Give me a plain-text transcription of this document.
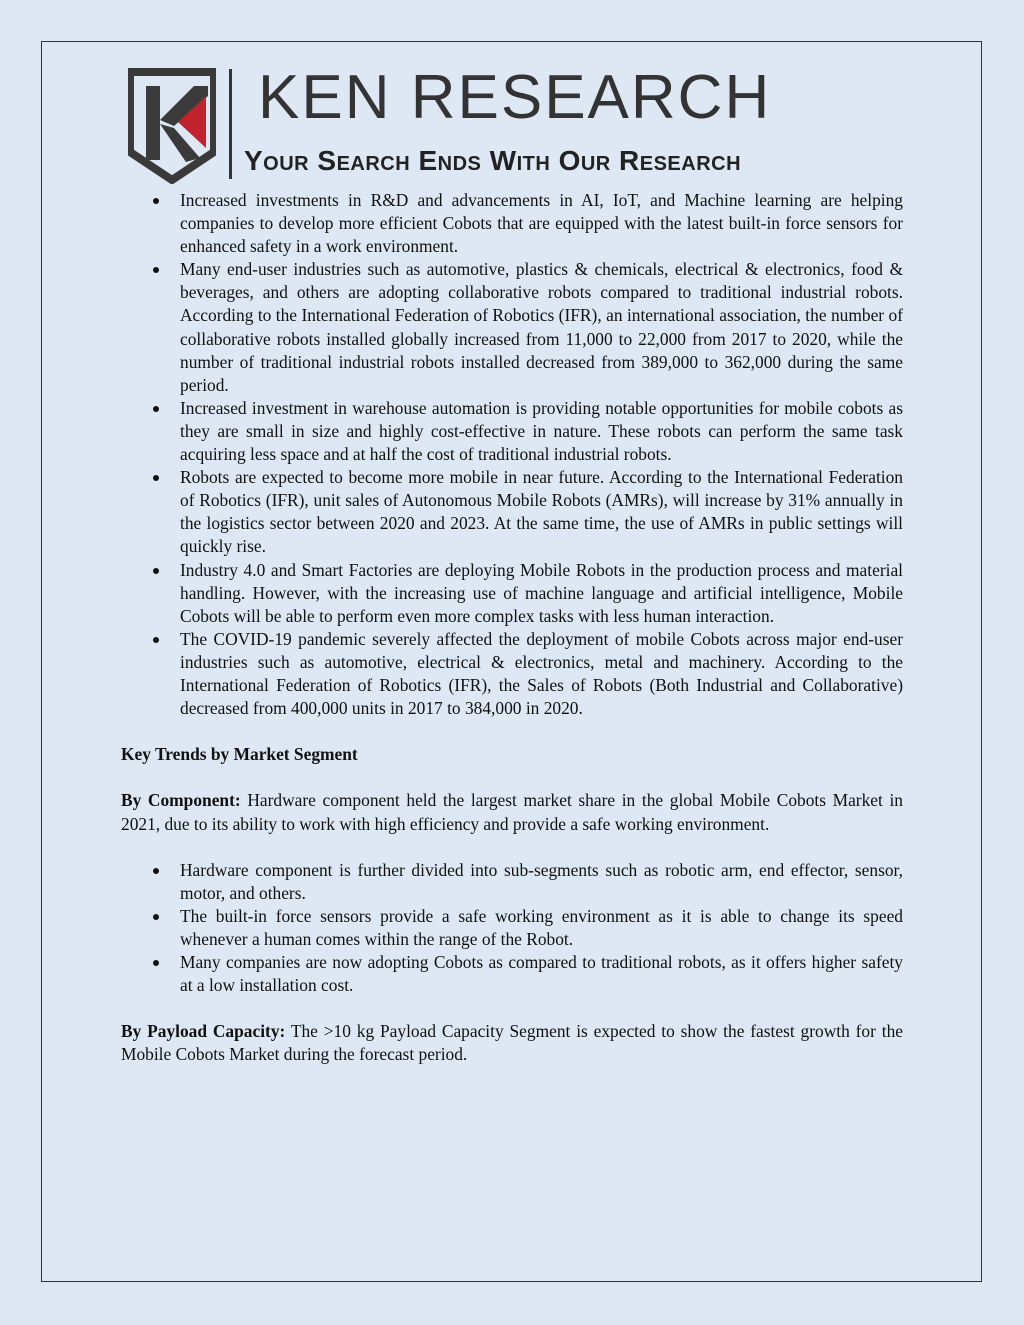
KEN RESEARCH
Your Search Ends With Our Research
Increased investments in R&D and advancements in AI, IoT, and Machine learning are helping companies to develop more efficient Cobots that are equipped with the latest built-in force sensors for enhanced safety in a work environment.
Many end-user industries such as automotive, plastics & chemicals, electrical & electronics, food & beverages, and others are adopting collaborative robots compared to traditional industrial robots. According to the International Federation of Robotics (IFR), an international association, the number of collaborative robots installed globally increased from 11,000 to 22,000 from 2017 to 2020, while the number of traditional industrial robots installed decreased from 389,000 to 362,000 during the same period.
Increased investment in warehouse automation is providing notable opportunities for mobile cobots as they are small in size and highly cost-effective in nature. These robots can perform the same task acquiring less space and at half the cost of traditional industrial robots.
Robots are expected to become more mobile in near future. According to the International Federation of Robotics (IFR), unit sales of Autonomous Mobile Robots (AMRs), will increase by 31% annually in the logistics sector between 2020 and 2023. At the same time, the use of AMRs in public settings will quickly rise.
Industry 4.0 and Smart Factories are deploying Mobile Robots in the production process and material handling. However, with the increasing use of machine language and artificial intelligence, Mobile Cobots will be able to perform even more complex tasks with less human interaction.
The COVID-19 pandemic severely affected the deployment of mobile Cobots across major end-user industries such as automotive, electrical & electronics, metal and machinery. According to the International Federation of Robotics (IFR), the Sales of Robots (Both Industrial and Collaborative) decreased from 400,000 units in 2017 to 384,000 in 2020.

Key Trends by Market Segment

By Component: Hardware component held the largest market share in the global Mobile Cobots Market in 2021, due to its ability to work with high efficiency and provide a safe working environment.

Hardware component is further divided into sub-segments such as robotic arm, end effector, sensor, motor, and others.
The built-in force sensors provide a safe working environment as it is able to change its speed whenever a human comes within the range of the Robot.
Many companies are now adopting Cobots as compared to traditional robots, as it offers higher safety at a low installation cost.

By Payload Capacity: The >10 kg Payload Capacity Segment is expected to show the fastest growth for the Mobile Cobots Market during the forecast period.
